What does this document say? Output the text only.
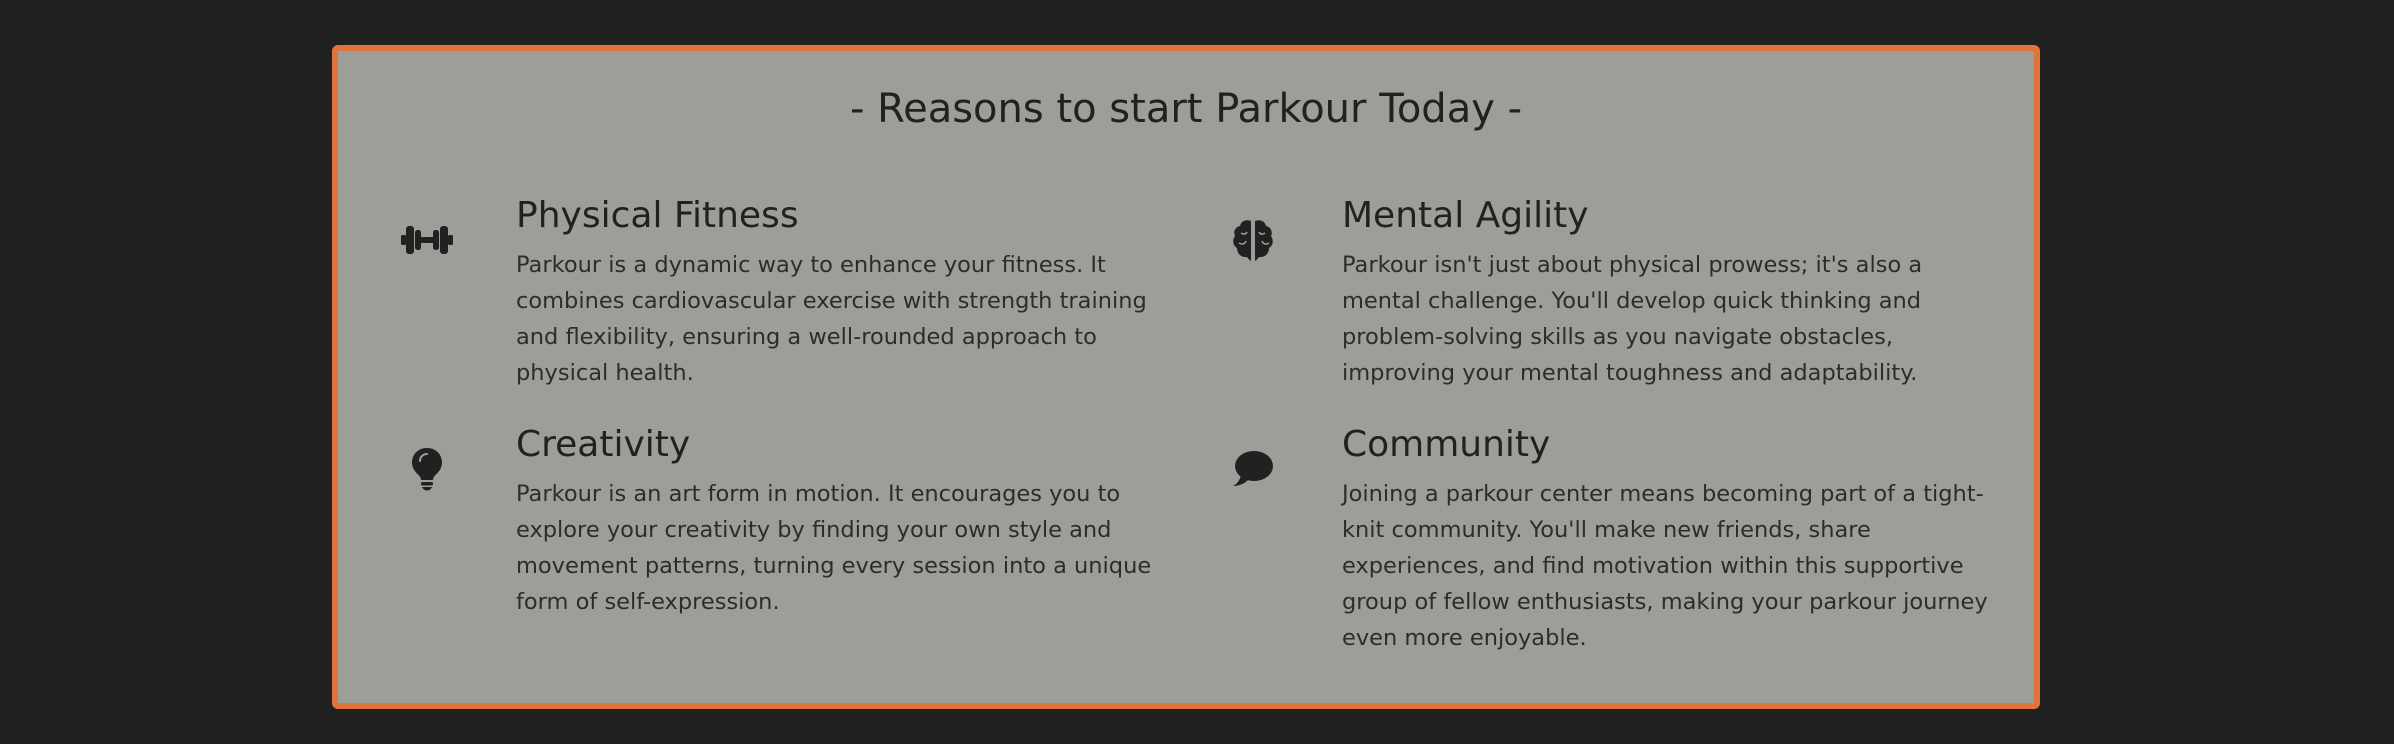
- Reasons to start Parkour Today -
Physical Fitness

Parkour is a dynamic way to enhance your fitness. It combines cardiovascular exercise with strength training and flexibility, ensuring a well-rounded approach to physical health.

Mental Agility

Parkour isn't just about physical prowess; it's also a mental challenge. You'll develop quick thinking and problem-solving skills as you navigate obstacles, improving your mental toughness and adaptability.

Creativity

Parkour is an art form in motion. It encourages you to explore your creativity by finding your own style and movement patterns, turning every session into a unique form of self-expression.

Community

Joining a parkour center means becoming part of a tight-knit community. You'll make new friends, share experiences, and find motivation within this supportive group of fellow enthusiasts, making your parkour journey even more enjoyable.
